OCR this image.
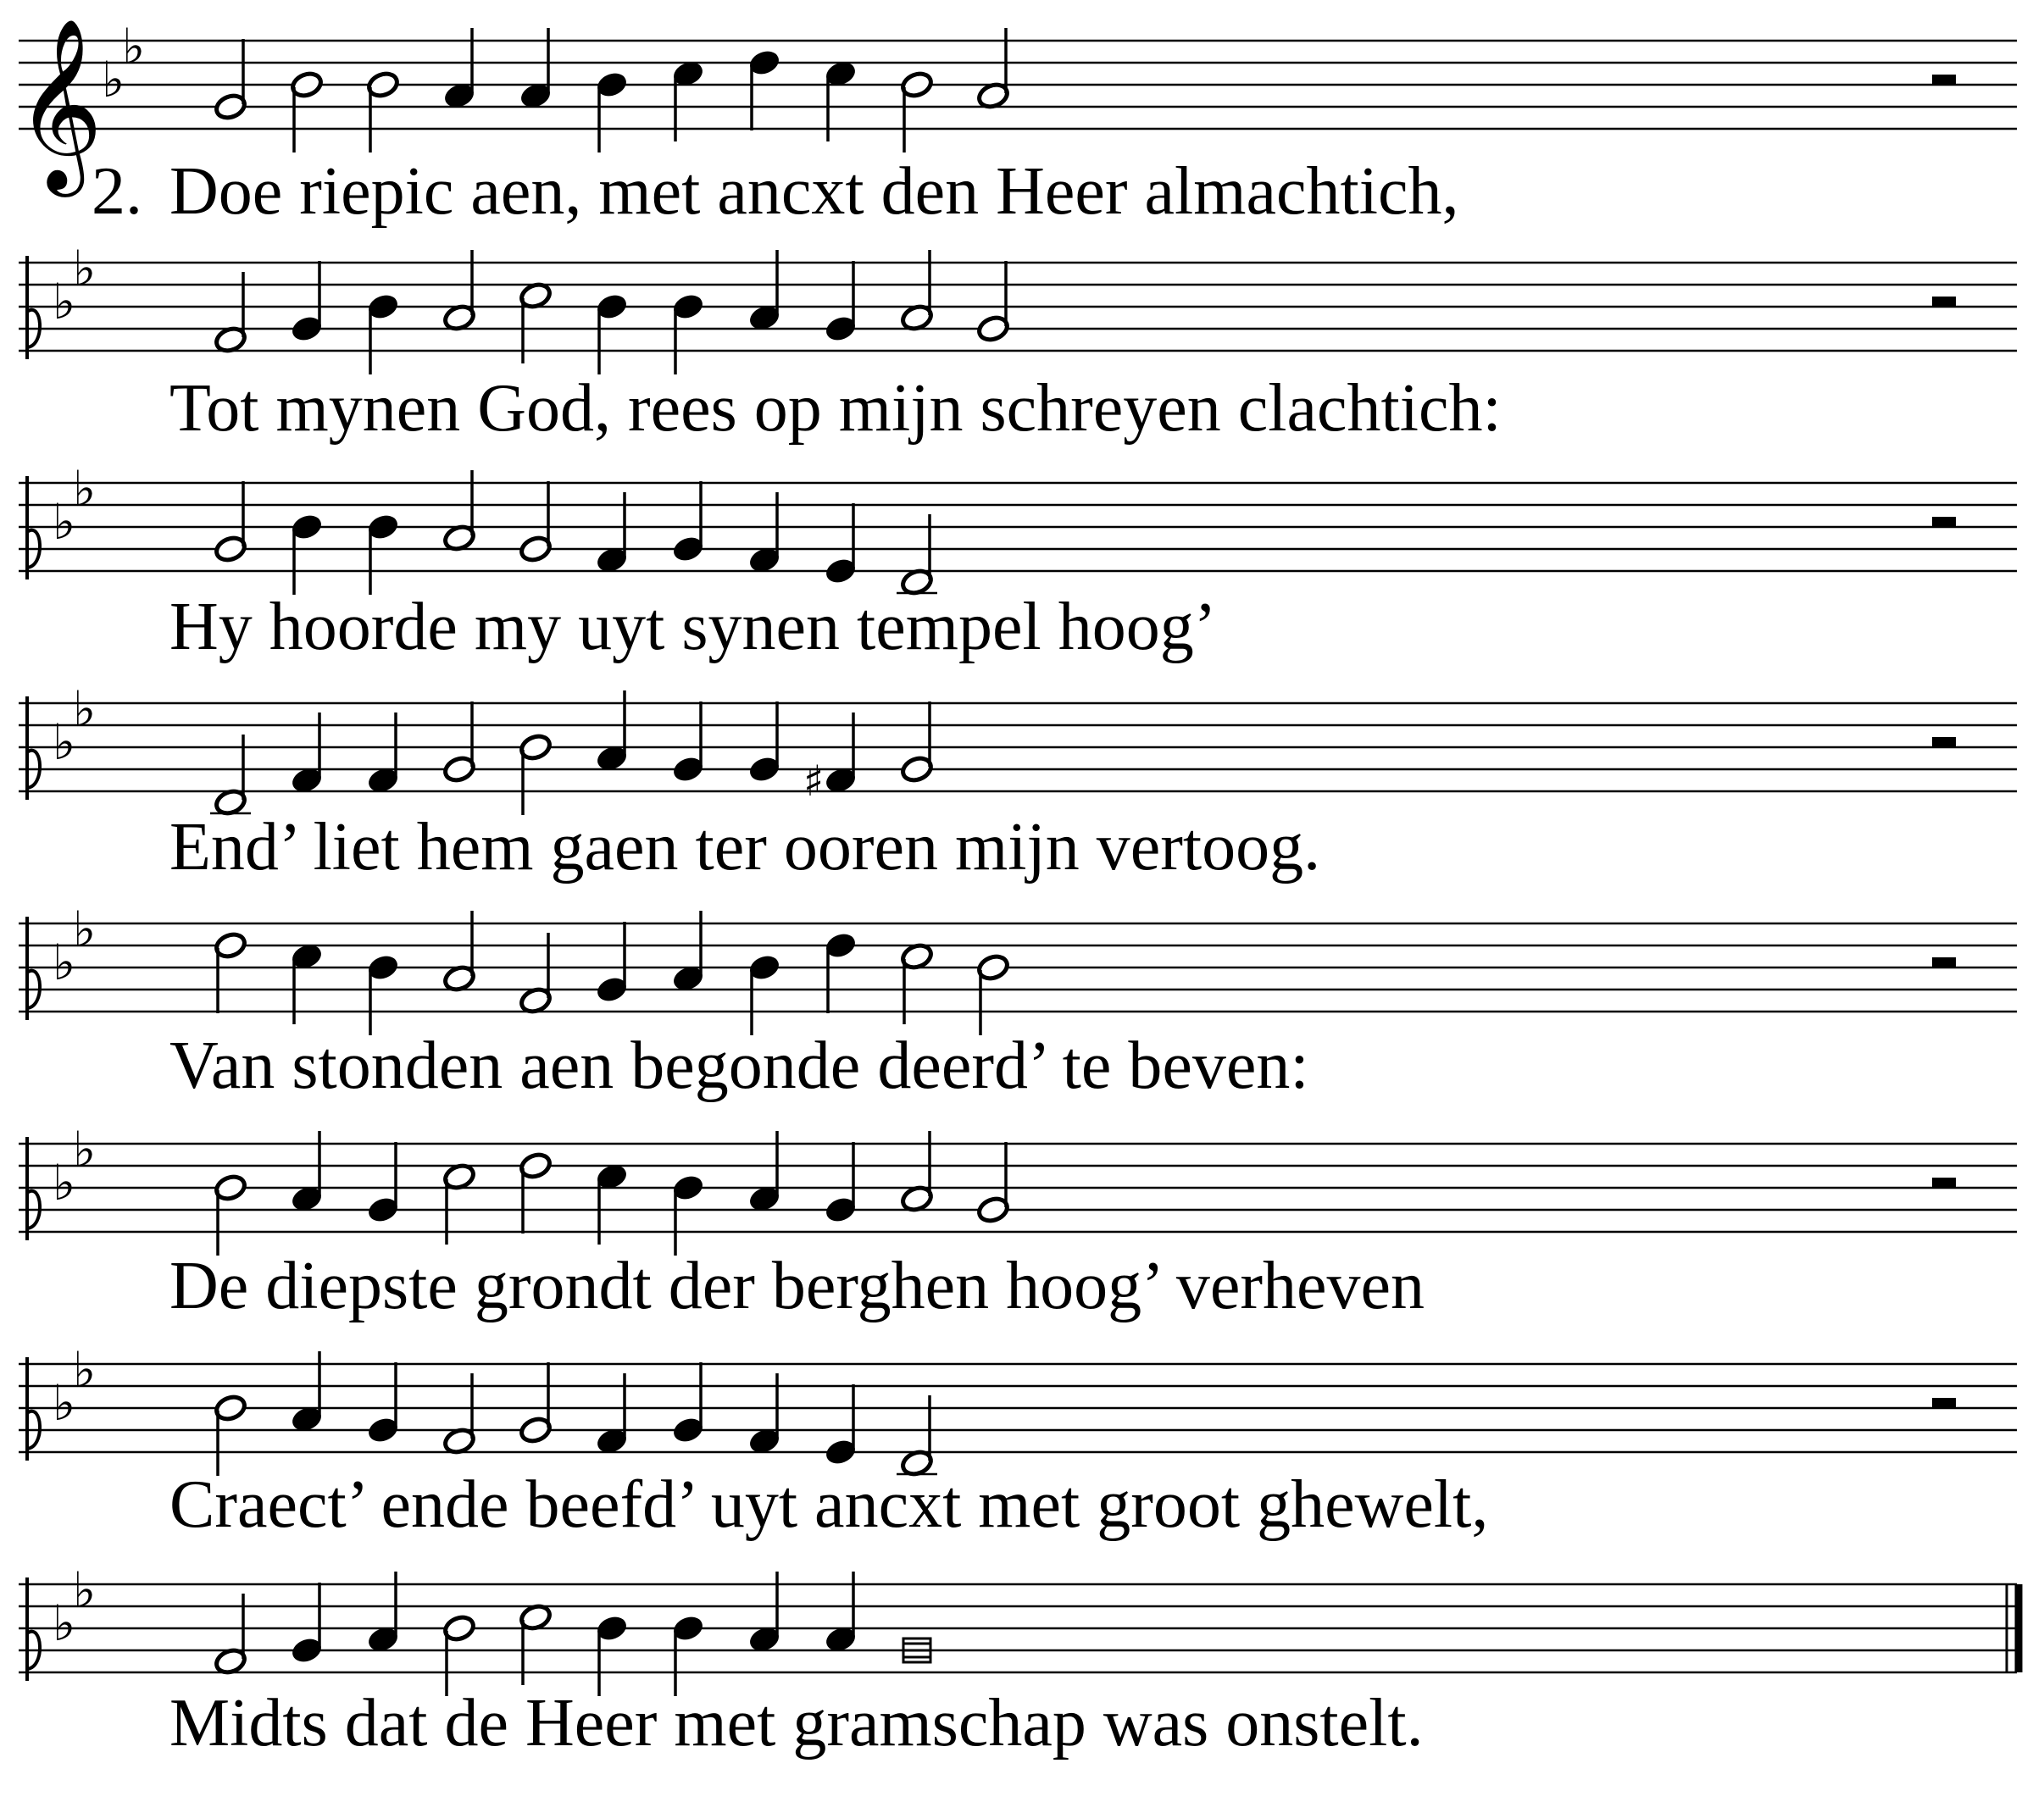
𝄞
♭
♭
♭
♭
♭
♭
♭
♭
♯
♭
♭
♭
♭
♭
♭
♭
♭
2. Doe riepic aen, met ancxt den Heer almachtich,
Tot mynen God, rees op mijn schreyen clachtich:
Hy hoorde my uyt synen tempel hoog’
End’ liet hem gaen ter ooren mijn vertoog.
Van stonden aen begonde deerd’ te beven:
De diepste grondt der berghen hoog’ verheven
Craect’ ende beefd’ uyt ancxt met groot ghewelt,
Midts dat de Heer met gramschap was onstelt.
